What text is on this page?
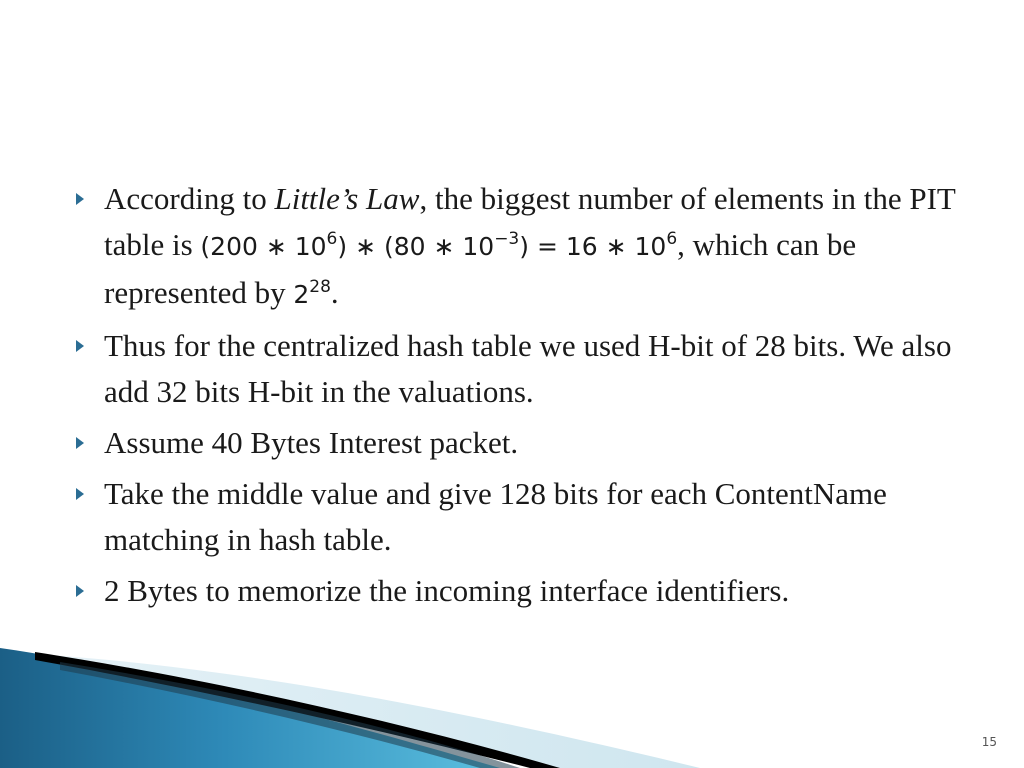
According to Little’s Law, the biggest number of elements in the PIT table is (200 ∗ $10^6$) ∗ (80 ∗ $10^{-3}) = 16$ ∗ $10^6$, which can be represented by $2^{28}$.
Thus for the centralized hash table we used H-bit of 28 bits. We also add 32 bits H-bit in the valuations.
Assume 40 Bytes Interest packet.
Take the middle value and give 128 bits for each ContentName matching in hash table.
2 Bytes to memorize the incoming interface identifiers.
15
